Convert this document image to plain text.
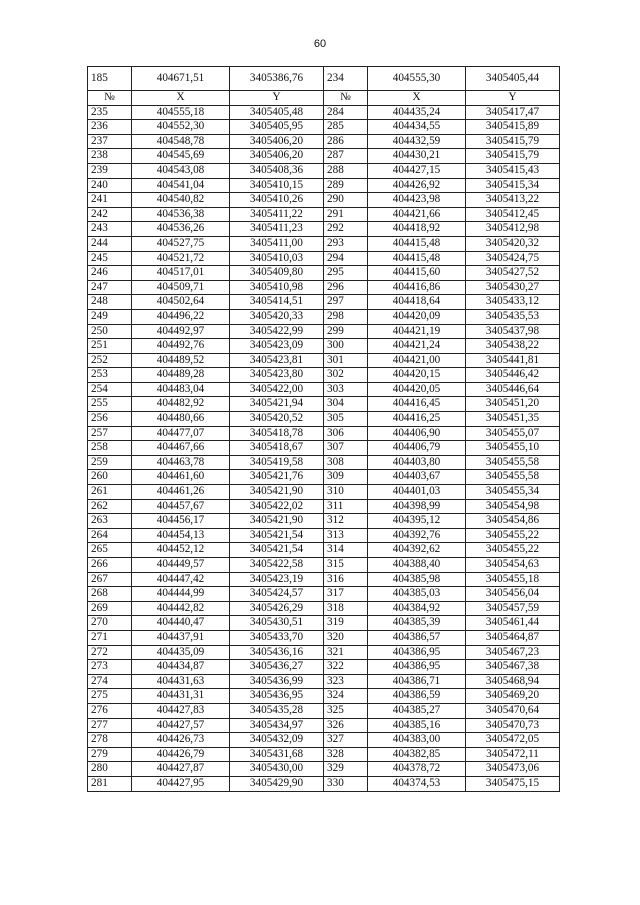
60
185	404671,51	3405386,76	234	404555,30	3405405,44
№	X	Y	№	X	Y
235	404555,18	3405405,48	284	404435,24	3405417,47
236	404552,30	3405405,95	285	404434,55	3405415,89
237	404548,78	3405406,20	286	404432,59	3405415,79
238	404545,69	3405406,20	287	404430,21	3405415,79
239	404543,08	3405408,36	288	404427,15	3405415,43
240	404541,04	3405410,15	289	404426,92	3405415,34
241	404540,82	3405410,26	290	404423,98	3405413,22
242	404536,38	3405411,22	291	404421,66	3405412,45
243	404536,26	3405411,23	292	404418,92	3405412,98
244	404527,75	3405411,00	293	404415,48	3405420,32
245	404521,72	3405410,03	294	404415,48	3405424,75
246	404517,01	3405409,80	295	404415,60	3405427,52
247	404509,71	3405410,98	296	404416,86	3405430,27
248	404502,64	3405414,51	297	404418,64	3405433,12
249	404496,22	3405420,33	298	404420,09	3405435,53
250	404492,97	3405422,99	299	404421,19	3405437,98
251	404492,76	3405423,09	300	404421,24	3405438,22
252	404489,52	3405423,81	301	404421,00	3405441,81
253	404489,28	3405423,80	302	404420,15	3405446,42
254	404483,04	3405422,00	303	404420,05	3405446,64
255	404482,92	3405421,94	304	404416,45	3405451,20
256	404480,66	3405420,52	305	404416,25	3405451,35
257	404477,07	3405418,78	306	404406,90	3405455,07
258	404467,66	3405418,67	307	404406,79	3405455,10
259	404463,78	3405419,58	308	404403,80	3405455,58
260	404461,60	3405421,76	309	404403,67	3405455,58
261	404461,26	3405421,90	310	404401,03	3405455,34
262	404457,67	3405422,02	311	404398,99	3405454,98
263	404456,17	3405421,90	312	404395,12	3405454,86
264	404454,13	3405421,54	313	404392,76	3405455,22
265	404452,12	3405421,54	314	404392,62	3405455,22
266	404449,57	3405422,58	315	404388,40	3405454,63
267	404447,42	3405423,19	316	404385,98	3405455,18
268	404444,99	3405424,57	317	404385,03	3405456,04
269	404442,82	3405426,29	318	404384,92	3405457,59
270	404440,47	3405430,51	319	404385,39	3405461,44
271	404437,91	3405433,70	320	404386,57	3405464,87
272	404435,09	3405436,16	321	404386,95	3405467,23
273	404434,87	3405436,27	322	404386,95	3405467,38
274	404431,63	3405436,99	323	404386,71	3405468,94
275	404431,31	3405436,95	324	404386,59	3405469,20
276	404427,83	3405435,28	325	404385,27	3405470,64
277	404427,57	3405434,97	326	404385,16	3405470,73
278	404426,73	3405432,09	327	404383,00	3405472,05
279	404426,79	3405431,68	328	404382,85	3405472,11
280	404427,87	3405430,00	329	404378,72	3405473,06
281	404427,95	3405429,90	330	404374,53	3405475,15
